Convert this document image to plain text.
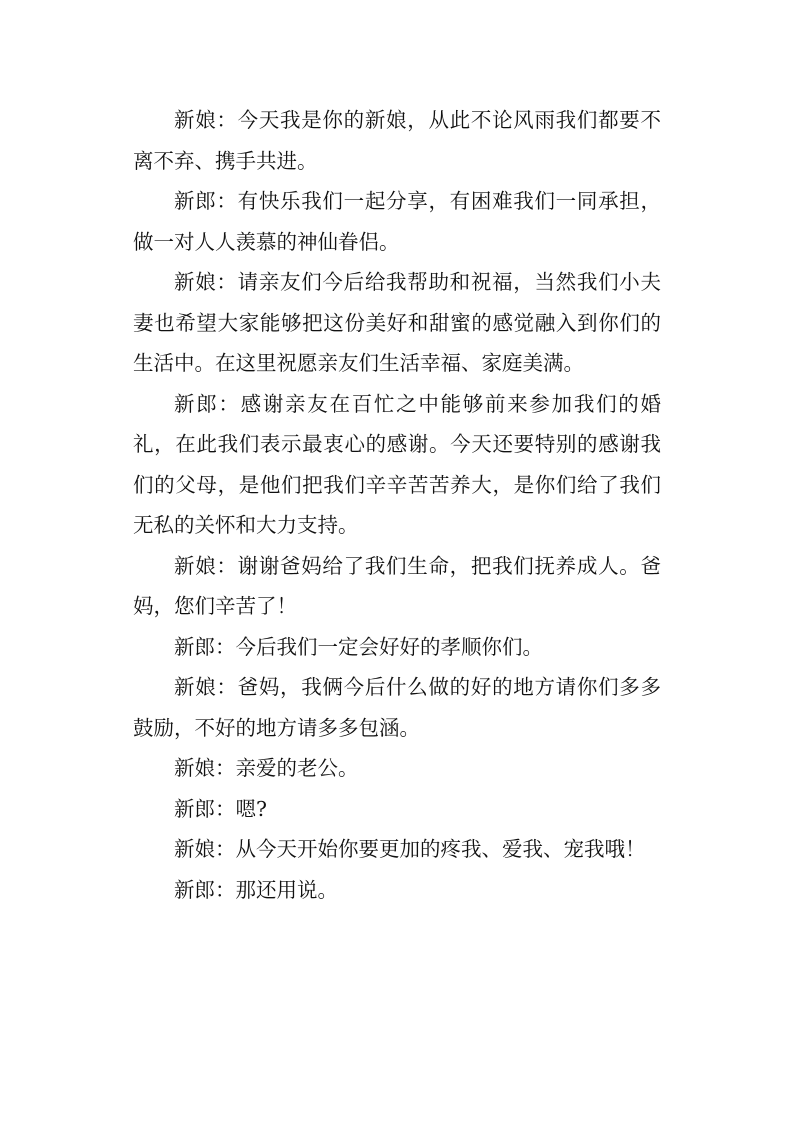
新娘：今天我是你的新娘，从此不论风雨我们都要不离不弃、携手共进。

新郎：有快乐我们一起分享，有困难我们一同承担，做一对人人羡慕的神仙眷侣。

新娘：请亲友们今后给我帮助和祝福，当然我们小夫妻也希望大家能够把这份美好和甜蜜的感觉融入到你们的生活中。在这里祝愿亲友们生活幸福、家庭美满。

新郎：感谢亲友在百忙之中能够前来参加我们的婚礼，在此我们表示最衷心的感谢。今天还要特别的感谢我们的父母，是他们把我们辛辛苦苦养大，是你们给了我们无私的关怀和大力支持。

新娘：谢谢爸妈给了我们生命，把我们抚养成人。爸妈，您们辛苦了！

新郎：今后我们一定会好好的孝顺你们。

新娘：爸妈，我俩今后什么做的好的地方请你们多多鼓励，不好的地方请多多包涵。

新娘：亲爱的老公。

新郎：嗯?

新娘：从今天开始你要更加的疼我、爱我、宠我哦！

新郎：那还用说。
